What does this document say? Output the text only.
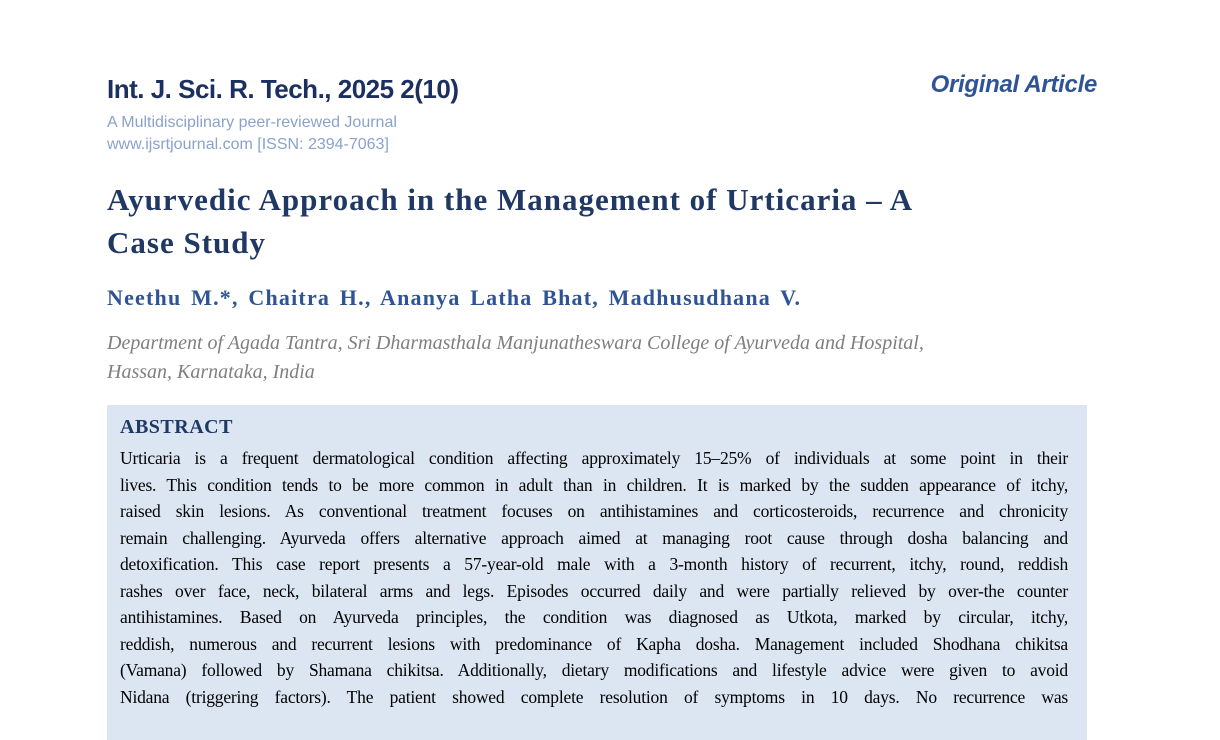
Int. J. Sci. R. Tech., 2025 2(10)
A Multidisciplinary peer-reviewed Journal
www.ijsrtjournal.com [ISSN: 2394-7063]
Original Article
Ayurvedic Approach in the Management of Urticaria – A
Case Study
Neethu M.*, Chaitra H., Ananya Latha Bhat, Madhusudhana V.
Department of Agada Tantra, Sri Dharmasthala Manjunatheswara College of Ayurveda and Hospital,
Hassan, Karnataka, India
ABSTRACT
Urticaria is a frequent dermatological condition affecting approximately 15–25% of individuals at some point in their
lives. This condition tends to be more common in adult than in children. It is marked by the sudden appearance of itchy,
raised skin lesions. As conventional treatment focuses on antihistamines and corticosteroids, recurrence and chronicity
remain challenging. Ayurveda offers alternative approach aimed at managing root cause through dosha balancing and
detoxification. This case report presents a 57-year-old male with a 3-month history of recurrent, itchy, round, reddish
rashes over face, neck, bilateral arms and legs. Episodes occurred daily and were partially relieved by over-the counter
antihistamines. Based on Ayurveda principles, the condition was diagnosed as Utkota, marked by circular, itchy,
reddish, numerous and recurrent lesions with predominance of Kapha dosha. Management included Shodhana chikitsa
(Vamana) followed by Shamana chikitsa. Additionally, dietary modifications and lifestyle advice were given to avoid
Nidana (triggering factors). The patient showed complete resolution of symptoms in 10 days. No recurrence was
